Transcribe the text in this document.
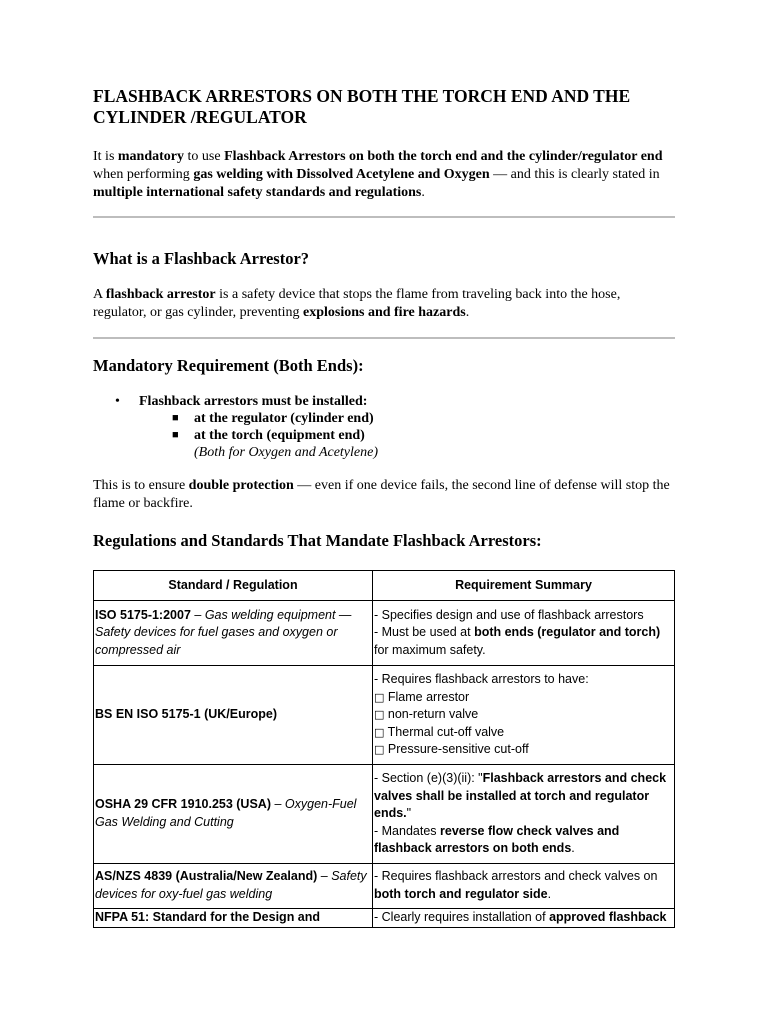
FLASHBACK ARRESTORS ON BOTH THE TORCH END AND THE CYLINDER /REGULATOR

It is mandatory to use Flashback Arrestors on both the torch end and the cylinder/regulator end when performing gas welding with Dissolved Acetylene and Oxygen — and this is clearly stated in multiple international safety standards and regulations.

What is a Flashback Arrestor?

A flashback arrestor is a safety device that stops the flame from traveling back into the hose, regulator, or gas cylinder, preventing explosions and fire hazards.

Mandatory Requirement (Both Ends):
• Flashback arrestors must be installed:
■ at the regulator (cylinder end)
■ at the torch (equipment end)
(Both for Oxygen and Acetylene)

This is to ensure double protection — even if one device fails, the second line of defense will stop the flame or backfire.

Regulations and Standards That Mandate Flashback Arrestors:
Standard / Regulation	Requirement Summary
ISO 5175-1:2007 – Gas welding equipment — Safety devices for fuel gases and oxygen or compressed air	- Specifies design and use of flashback arrestors
- Must be used at both ends (regulator and torch)
for maximum safety.

BS EN ISO 5175-1 (UK/Europe)	- Requires flashback arrestors to have:
□ Flame arrestor
□ non-return valve
□ Thermal cut-off valve
□ Pressure-sensitive cut-off

OSHA 29 CFR 1910.253 (USA) – Oxygen-Fuel Gas Welding and Cutting	- Section (e)(3)(ii): "Flashback arrestors and check valves shall be installed at torch and regulator ends."
- Mandates reverse flow check valves and flashback arrestors on both ends.

AS/NZS 4839 (Australia/New Zealand) – Safety devices for oxy-fuel gas welding	- Requires flashback arrestors and check valves on both torch and regulator side.
NFPA 51: Standard for the Design and	- Clearly requires installation of approved flashback
